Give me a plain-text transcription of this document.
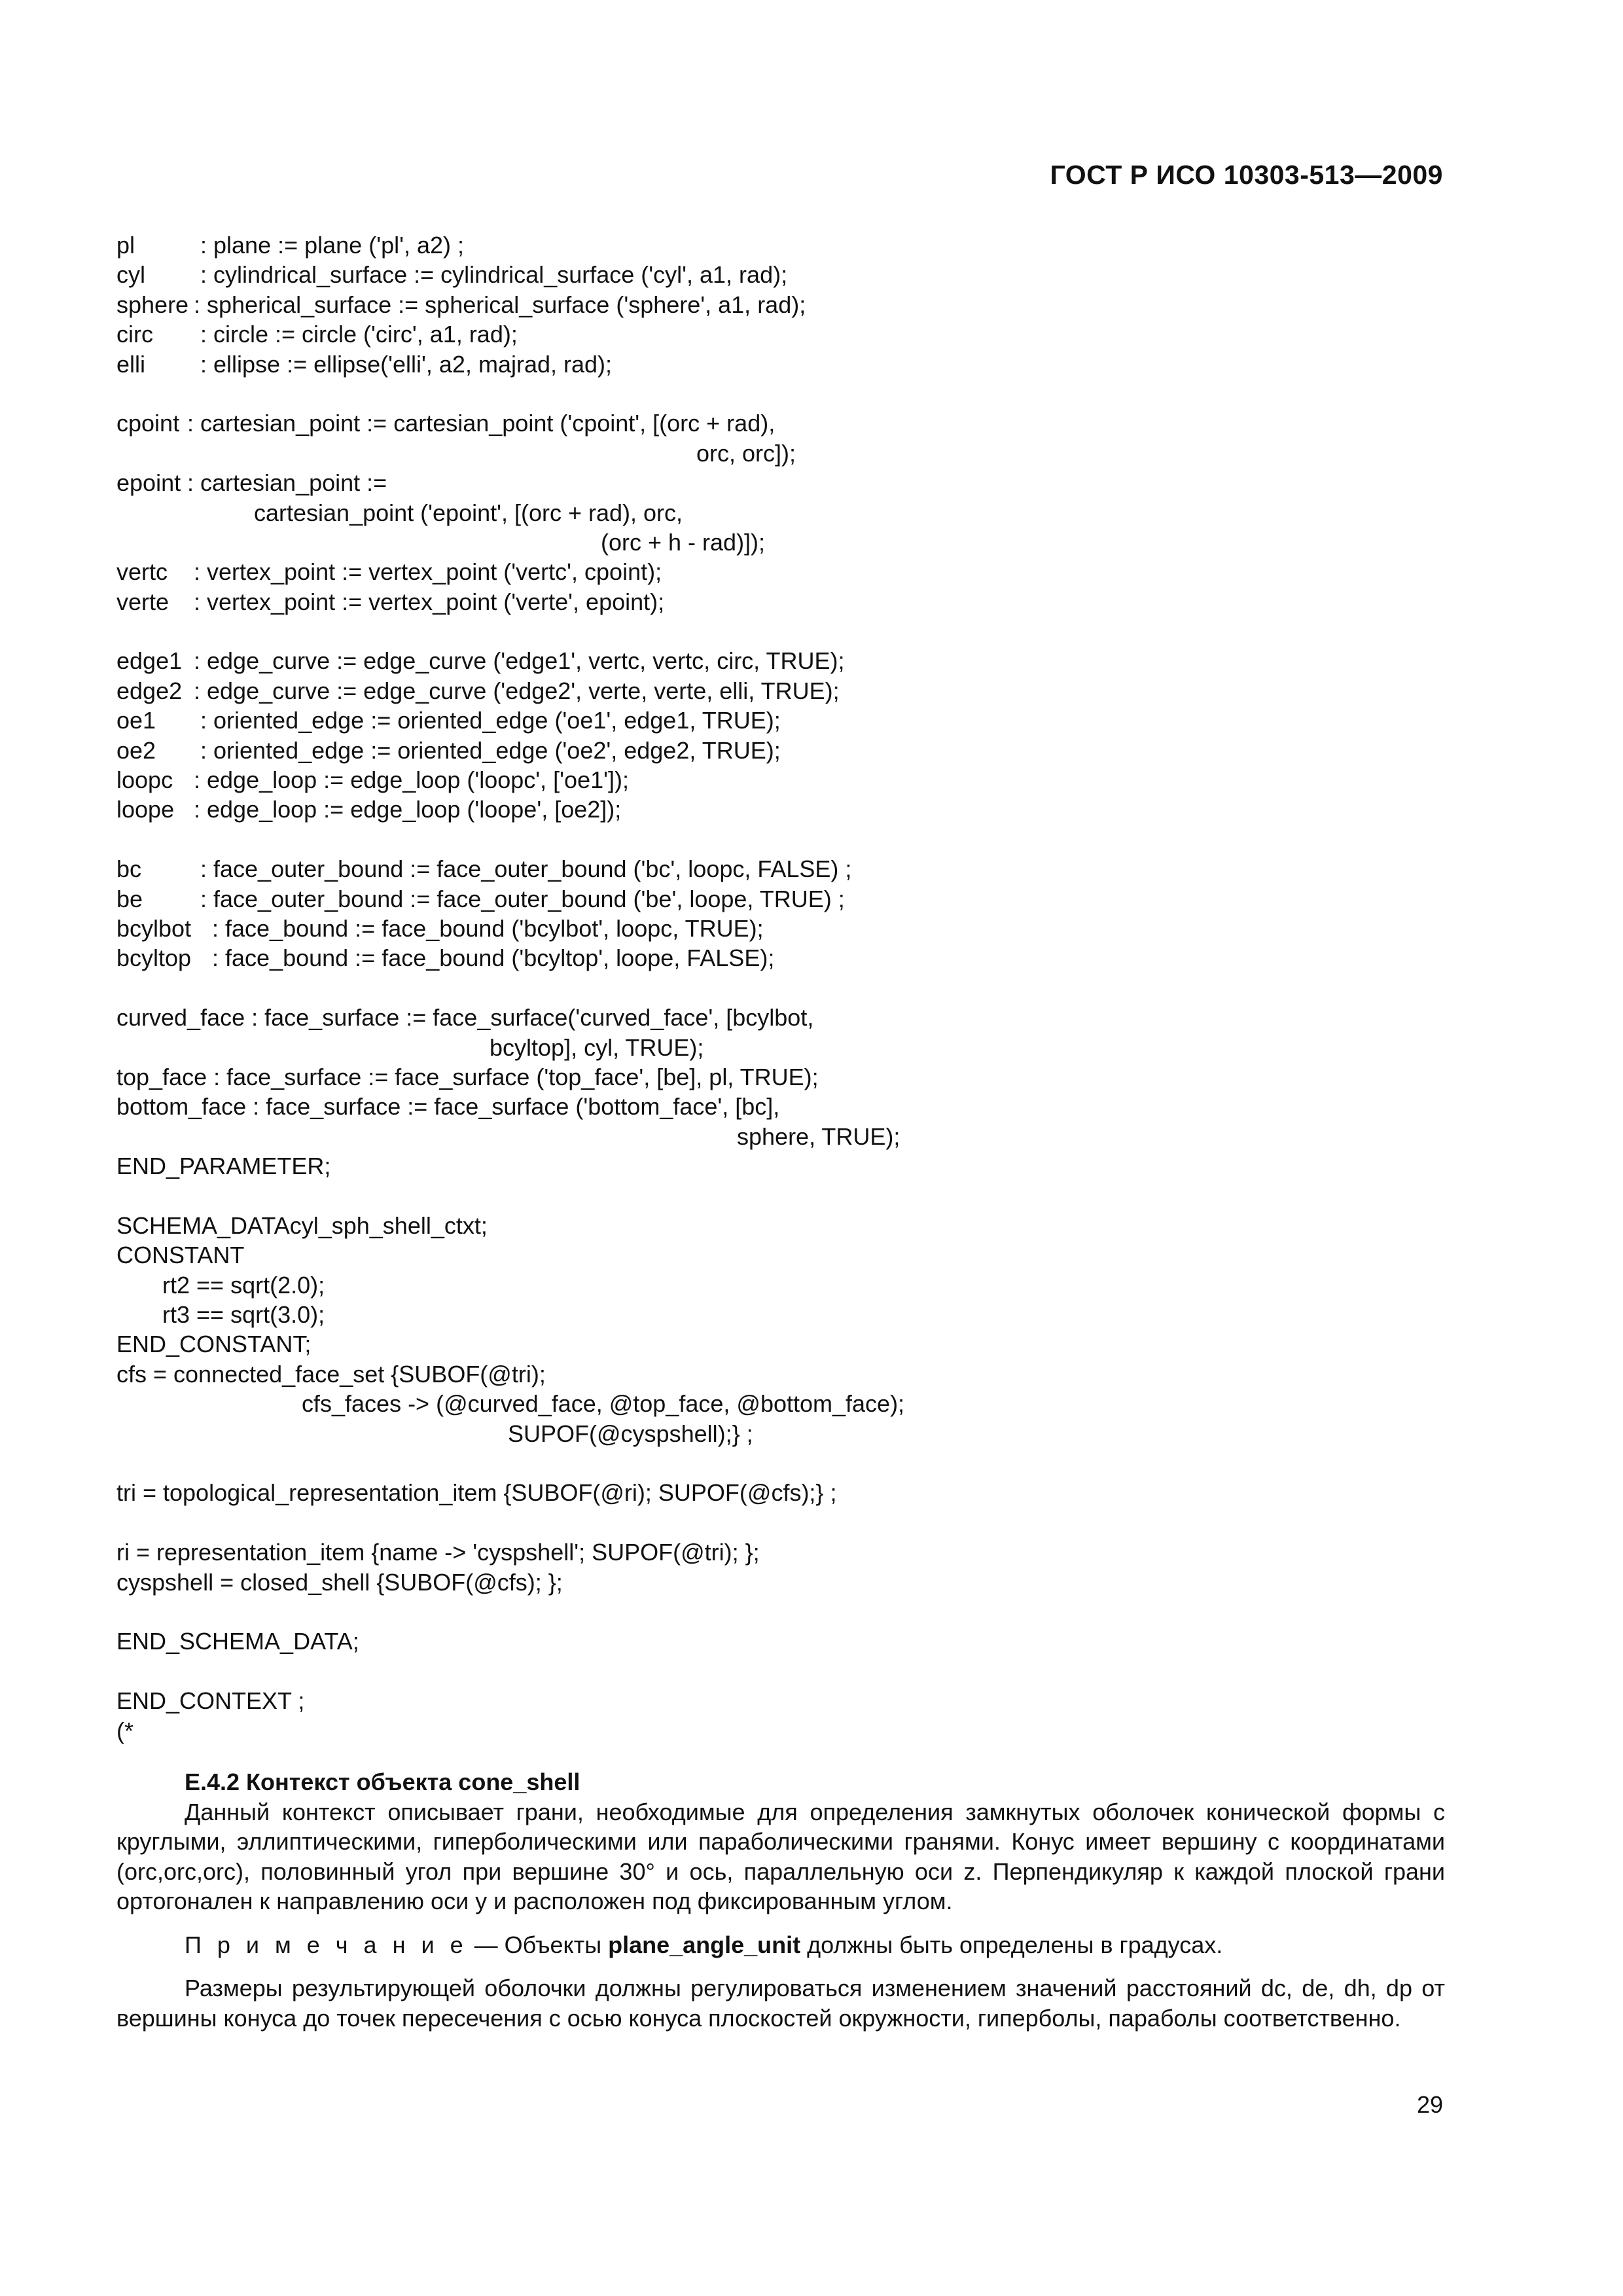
ГОСТ Р ИСО 10303-513—2009
pl	: plane := plane ('pl', a2) ;
cyl : cylindrical_surface := cylindrical_surface ('cyl', a1, rad);
sphere : spherical_surface := spherical_surface ('sphere', a1, rad);
circ : circle := circle ('circ', a1, rad);
elli : ellipse := ellipse('elli', a2, majrad, rad);
cpoint : cartesian_point := cartesian_point ('cpoint', [(orc + rad),
orc, orc]);
epoint : cartesian_point :=
cartesian_point ('epoint', [(orc + rad), orc,
(orc + h - rad)]);
vertc : vertex_point := vertex_point ('vertc', cpoint);
verte : vertex_point := vertex_point ('verte', epoint);
edge1 : edge_curve := edge_curve ('edge1', vertc, vertc, circ, TRUE);
edge2 : edge_curve := edge_curve ('edge2', verte, verte, elli, TRUE);
oe1 : oriented_edge := oriented_edge ('oe1', edge1, TRUE);
oe2 : oriented_edge := oriented_edge ('oe2', edge2, TRUE);
loopc : edge_loop := edge_loop ('loopc', ['oe1']);
loope : edge_loop := edge_loop ('loope', [oe2]);
bc : face_outer_bound := face_outer_bound ('bc', loopc, FALSE) ;
be : face_outer_bound := face_outer_bound ('be', loope, TRUE) ;
bcylbot : face_bound := face_bound ('bcylbot', loopc, TRUE);
bcyltop : face_bound := face_bound ('bcyltop', loope, FALSE);
curved_face : face_surface := face_surface('curved_face', [bcylbot,
bcyltop], cyl, TRUE);
top_face : face_surface := face_surface ('top_face', [be], pl, TRUE);
bottom_face : face_surface := face_surface ('bottom_face', [bc],
sphere, TRUE);
END_PARAMETER;
SCHEMA_DATAcyl_sph_shell_ctxt;
CONSTANT
rt2 == sqrt(2.0);
rt3 == sqrt(3.0);
END_CONSTANT;
cfs = connected_face_set {SUBOF(@tri);
cfs_faces -> (@curved_face, @top_face, @bottom_face);
SUPOF(@cyspshell);} ;
tri = topological_representation_item {SUBOF(@ri); SUPOF(@cfs);} ;
ri = representation_item {name -> 'cyspshell'; SUPOF(@tri); };
cyspshell = closed_shell {SUBOF(@cfs); };
END_SCHEMA_DATA;
END_CONTEXT ;
(*

E.4.2 Контекст объекта cone_shell

Данный контекст описывает грани, необходимые для определения замкнутых оболочек конической формы с круглыми, эллиптическими, гиперболическими или параболическими гранями. Конус имеет вершину с координатами (orc,orc,orc), половинный угол при вершине 30° и ось, параллельную оси z. Перпендикуляр к каждой плоской грани ортогонален к направлению оси y и расположен под фиксированным углом.

П р и м е ч а н и е — Объекты plane_angle_unit должны быть определены в градусах.

Размеры результирующей оболочки должны регулироваться изменением значений расстояний dc, de, dh, dp от вершины конуса до точек пересечения с осью конуса плоскостей окружности, гиперболы, параболы соответственно.

29
